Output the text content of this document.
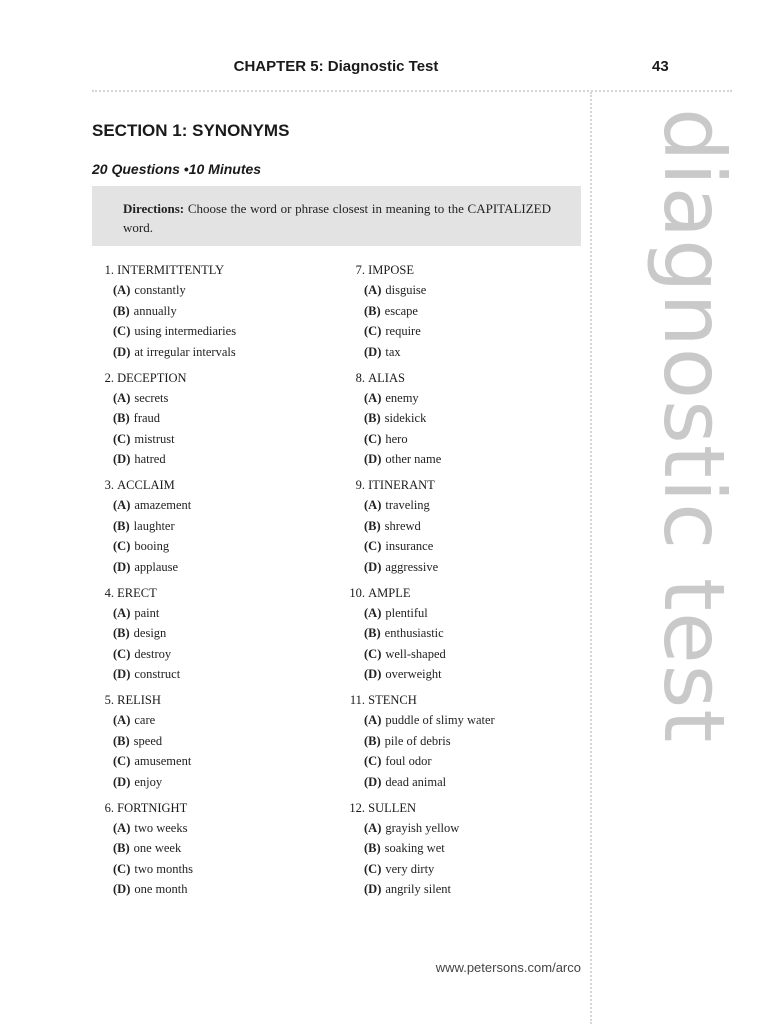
CHAPTER 5: Diagnostic Test	43
diagnostic test
SECTION 1: SYNONYMS
20 Questions •10 Minutes
Directions: Choose the word or phrase closest in meaning to the CAPITALIZED word.
1. INTERMITTENTLY
(A) constantly
(B) annually
(C) using intermediaries
(D) at irregular intervals
2. DECEPTION
(A) secrets
(B) fraud
(C) mistrust
(D) hatred
3. ACCLAIM
(A) amazement
(B) laughter
(C) booing
(D) applause
4. ERECT
(A) paint
(B) design
(C) destroy
(D) construct
5. RELISH
(A) care
(B) speed
(C) amusement
(D) enjoy
6. FORTNIGHT
(A) two weeks
(B) one week
(C) two months
(D) one month
7. IMPOSE
(A) disguise
(B) escape
(C) require
(D) tax
8. ALIAS
(A) enemy
(B) sidekick
(C) hero
(D) other name
9. ITINERANT
(A) traveling
(B) shrewd
(C) insurance
(D) aggressive
10. AMPLE
(A) plentiful
(B) enthusiastic
(C) well-shaped
(D) overweight
11. STENCH
(A) puddle of slimy water
(B) pile of debris
(C) foul odor
(D) dead animal
12. SULLEN
(A) grayish yellow
(B) soaking wet
(C) very dirty
(D) angrily silent
www.petersons.com/arco
